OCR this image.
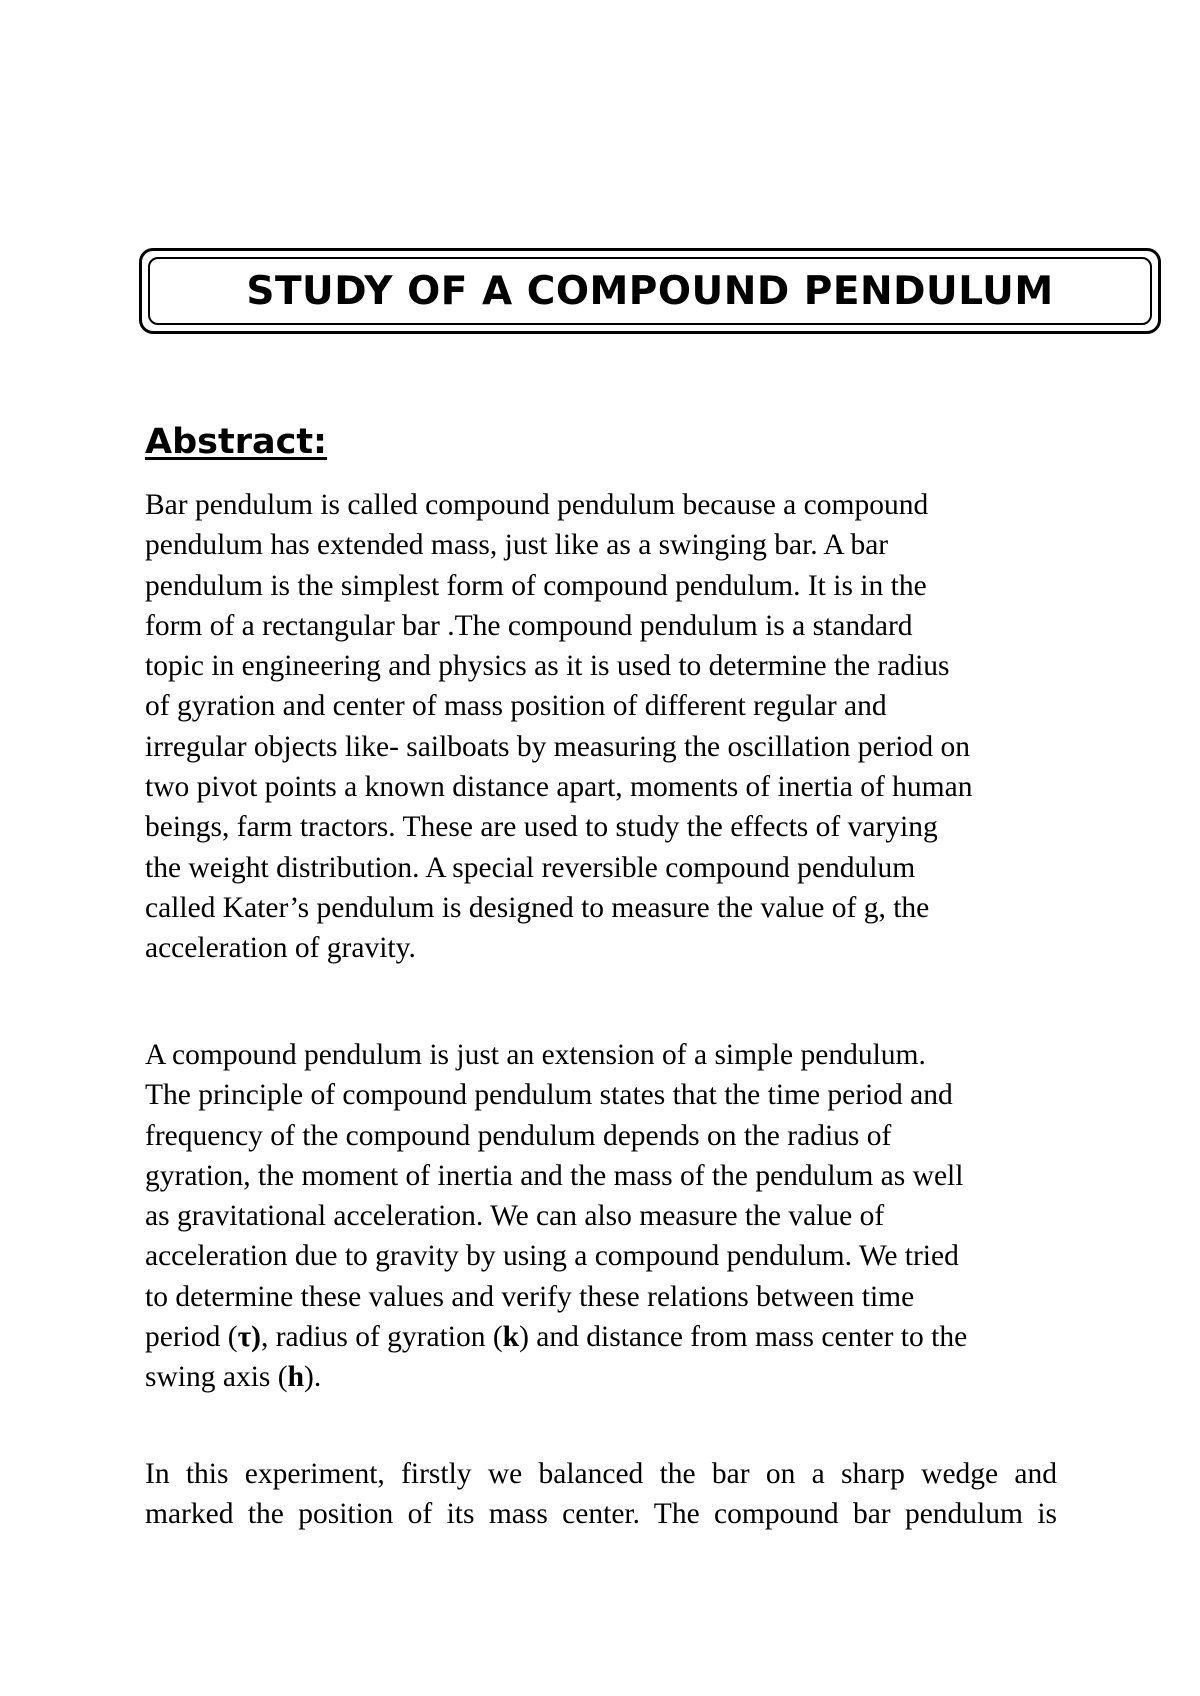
STUDY OF A COMPOUND PENDULUM
Abstract:
Bar pendulum is called compound pendulum because a compound
pendulum has extended mass, just like as a swinging bar. A bar
pendulum is the simplest form of compound pendulum. It is in the
form of a rectangular bar .The compound pendulum is a standard
topic in engineering and physics as it is used to determine the radius
of gyration and center of mass position of different regular and
irregular objects like- sailboats by measuring the oscillation period on
two pivot points a known distance apart, moments of inertia of human
beings, farm tractors. These are used to study the effects of varying
the weight distribution. A special reversible compound pendulum
called Kater’s pendulum is designed to measure the value of g, the
acceleration of gravity.
A compound pendulum is just an extension of a simple pendulum.
The principle of compound pendulum states that the time period and
frequency of the compound pendulum depends on the radius of
gyration, the moment of inertia and the mass of the pendulum as well
as gravitational acceleration. We can also measure the value of
acceleration due to gravity by using a compound pendulum. We tried
to determine these values and verify these relations between time
period (τ), radius of gyration (k) and distance from mass center to the
swing axis (h).
In this experiment, firstly we balanced the bar on a sharp wedge and
marked the position of its mass center. The compound bar pendulum is
